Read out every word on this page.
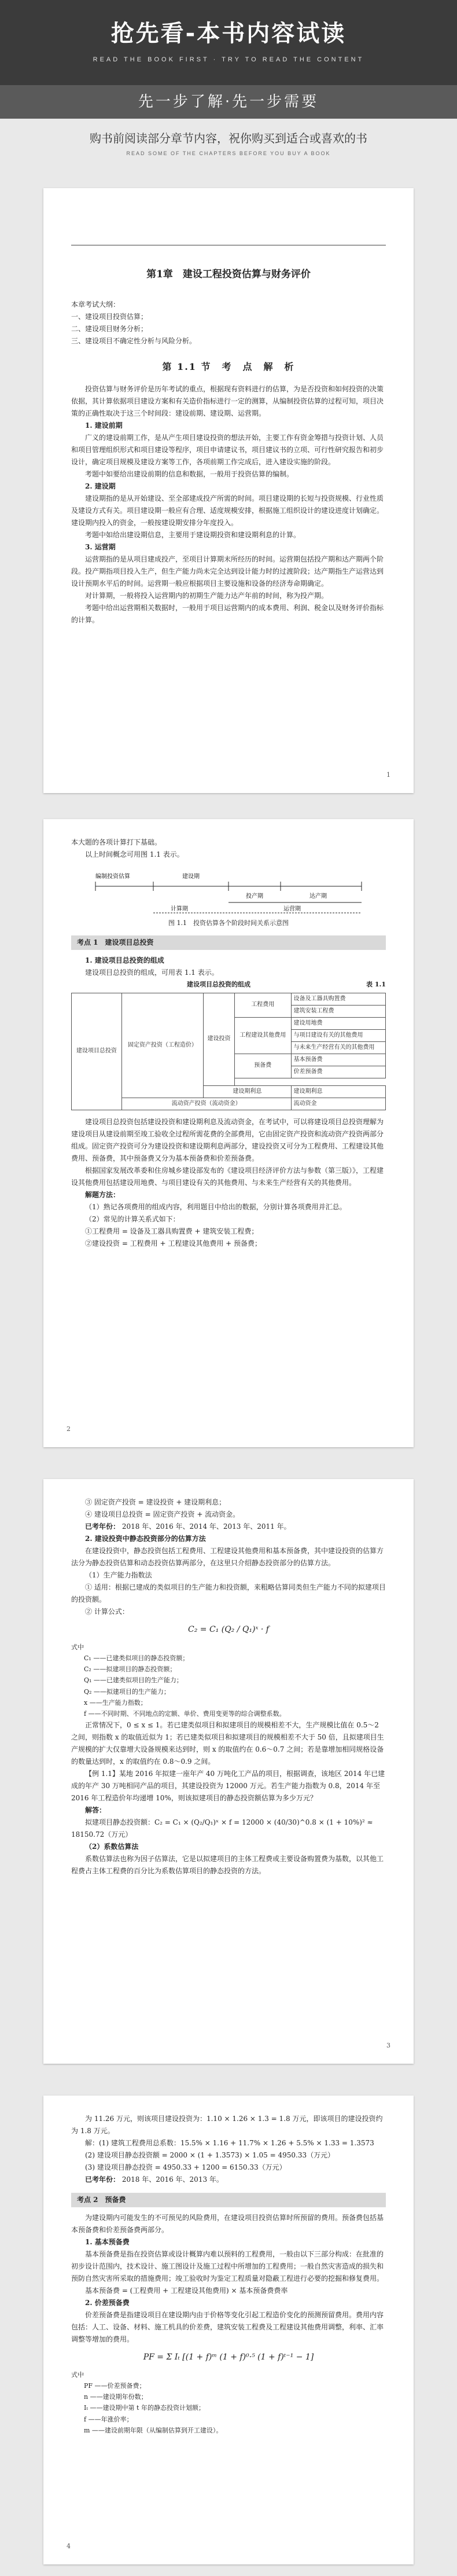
抢先看-本书内容试读
READ THE BOOK FIRST · TRY TO READ THE CONTENT
先一步了解·先一步需要
购书前阅读部分章节内容，祝你购买到适合或喜欢的书
READ SOME OF THE CHAPTERS BEFORE YOU BUY A BOOK
第1章　建设工程投资估算与财务评价

本章考试大纲：

一、建设项目投资估算；

二、建设项目财务分析；

三、建设项目不确定性分析与风险分析。

第 1.1 节　考　点　解　析

投资估算与财务评价是历年考试的重点，根据现有资料进行的估算，为是否投资和如何投资的决策依据，其计算依据项目建设方案和有关造价指标进行一定的测算，从编制投资估算的过程可知，项目决策的正确性取决于这三个时间段：建设前期、建设期、运营期。

1. 建设前期

广义的建设前期工作，是从产生项目建设投资的想法开始，主要工作有资金筹措与投资计划、人员和项目管理组织形式和项目建设等程序，项目申请建议书，项目建议书的立项、可行性研究报告和初步设计，确定项目规模及建设方案等工作，各项前期工作完成后，进入建设实施的阶段。

考题中如要给出建设前期的信息和数据，一般用于投资估算的编制。

2. 建设期

建设期指的是从开始建设、至全部建成投产所需的时间。项目建设期的长短与投资规模、行业性质及建设方式有关。项目建设期一般应有合理、适度规模安排，根据施工组织设计的建设进度计划确定。建设期内投入的资金，一般按建设期安排分年度投入。

考题中如给出建设期信息，主要用于建设期投资和建设期利息的计算。

3. 运营期

运营期指的是从项目建成投产，至项目计算期末所经历的时间。运营期包括投产期和达产期两个阶段。投产期指项目投入生产，但生产能力尚未完全达到设计能力时的过渡阶段；达产期指生产运营达到设计预期水平后的时间。运营期一般应根据项目主要设施和设备的经济寿命期确定。

对计算期，一般将投入运营期内的初期生产能力达产年前的时间，称为投产期。

考题中给出运营期相关数据时，一般用于项目运营期内的成本费用、利润、税金以及财务评价指标的计算。

1

本大题的各项计算打下基础。

以上时间概念可用图 1.1 表示。

编制投资估算	建设期
投产期	达产期
运营期
计算期
图 1.1　投资估算各个阶段时间关系示意图
考点 1　建设项目总投资

1. 建设项目总投资的组成

建设项目总投资的组成，可用表 1.1 表示。

建设项目总投资的组成	表 1.1
建设项目总投资	固定资产投资（工程造价）	建设投资	工程费用	设备及工器具购置费
				建筑安装工程费
			工程建设其他费用	建设用地费
				与项目建设有关的其他费用
				与未来生产经营有关的其他费用
			预备费	基本预备费
				价差预备费

		建设期利息		建设期利息
	流动资产投资（流动资金）			流动资金

建设项目总投资包括建设投资和建设期利息及流动资金，在考试中，可以将建设项目总投资理解为建设项目从建设前期至竣工验收全过程所需花费的全部费用，它由固定资产投资和流动资产投资两部分组成。固定资产投资可分为建设投资和建设期利息两部分，建设投资又可分为工程费用、工程建设其他费用、预备费，其中预备费又分为基本预备费和价差预备费。

根据国家发展改革委和住房城乡建设部发布的《建设项目经济评价方法与参数（第三版）》，工程建设其他费用包括建设用地费、与项目建设有关的其他费用、与未来生产经营有关的其他费用。

解题方法：

（1）熟记各项费用的组成内容，利用题目中给出的数据，分别计算各项费用并汇总。

（2）常见的计算关系式如下：

①工程费用 = 设备及工器具购置费 + 建筑安装工程费；

②建设投资 = 工程费用 + 工程建设其他费用 + 预备费；

2

③ 固定资产投资 = 建设投资 + 建设期利息；

④ 建设项目总投资 = 固定资产投资 + 流动资金。

已考年份： 2018 年、2016 年、2014 年、2013 年、2011 年。

2. 建设投资中静态投资部分的估算方法

在建设投资中，静态投资包括工程费用、工程建设其他费用和基本预备费，其中建设投资的估算方法分为静态投资估算和动态投资估算两部分，在这里只介绍静态投资部分的估算方法。

（1）生产能力指数法

① 适用：根据已建成的类似项目的生产能力和投资额，来粗略估算同类但生产能力不同的拟建项目的投资额。

② 计算公式：

C₂ = C₁ (Q₂ / Q₁)ˣ · f

式中

C₁ ——已建类似项目的静态投资额；

C₂ ——拟建项目的静态投资额；

Q₁ ——已建类似项目的生产能力；

Q₂ ——拟建项目的生产能力；

x ——生产能力指数；

f ——不同时期、不同地点的定额、单价、费用变更等的综合调整系数。

正常情况下，0 ≤ x ≤ 1。若已建类似项目和拟建项目的规模相差不大，生产规模比值在 0.5～2 之间，则指数 x 的取值近似为 1；若已建类似项目和拟建项目的规模相差不大于 50 倍，且拟建项目生产规模的扩大仅靠增大设备规模来达到时，则 x 的取值约在 0.6～0.7 之间；若是靠增加相同规格设备的数量达到时，x 的取值约在 0.8～0.9 之间。

【例 1.1】某地 2016 年拟建一座年产 40 万吨化工产品的项目，根据调查，该地区 2014 年已建成的年产 30 万吨相同产品的项目，其建设投资为 12000 万元。若生产能力指数为 0.8，2014 年至 2016 年工程造价年均递增 10%，则该拟建项目的静态投资额估算为多少万元？

解答：

拟建项目静态投资额：C₂ = C₁ × (Q₂/Q₁)ˣ × f = 12000 × (40/30)^0.8 × (1 + 10%)² ≈ 18150.72（万元）

（2）系数估算法

系数估算法也称为因子估算法，它是以拟建项目的主体工程费或主要设备购置费为基数，以其他工程费占主体工程费的百分比为系数估算项目的静态投资的方法。

3

为 11.26 万元，则该项目建设投资为：1.10 × 1.26 × 1.3 = 1.8 万元，即该项目的建设投资约为 1.8 万元。

解：(1) 建筑工程费用总系数：15.5% × 1.16 + 11.7% × 1.26 + 5.5% × 1.33 = 1.3573

(2) 建设项目静态投资额 = 2000 × (1 + 1.3573) × 1.05 = 4950.33（万元）

(3) 建设项目静态投资 = 4950.33 + 1200 = 6150.33（万元）

已考年份： 2018 年、2016 年、2013 年。

考点 2　预备费

为建设期内可能发生的不可预见的风险费用，在建设项目投资估算时所预留的费用。预备费包括基本预备费和价差预备费两部分。

1. 基本预备费

基本预备费是指在投资估算或设计概算内难以预料的工程费用，一般由以下三部分构成：在批准的初步设计范围内，技术设计、施工图设计及施工过程中所增加的工程费用；一般自然灾害造成的损失和预防自然灾害所采取的措施费用；竣工验收时为鉴定工程质量对隐蔽工程进行必要的挖掘和修复费用。

基本预备费 = (工程费用 + 工程建设其他费用) × 基本预备费费率

2. 价差预备费

价差预备费是指建设项目在建设期内由于价格等变化引起工程造价变化的预测预留费用。费用内容包括：人工、设备、材料、施工机具的价差费，建筑安装工程费及工程建设其他费用调整，利率、汇率调整等增加的费用。

PF = Σ Iₜ [(1 + f)ᵐ (1 + f)⁰·⁵ (1 + f)ᵗ⁻¹ − 1]

式中

PF ——价差预备费；

n ——建设期年份数；

Iₜ ——建设期中第 t 年的静态投资计划额；

f ——年涨价率；

m ——建设前期年限（从编制估算到开工建设）。

4
